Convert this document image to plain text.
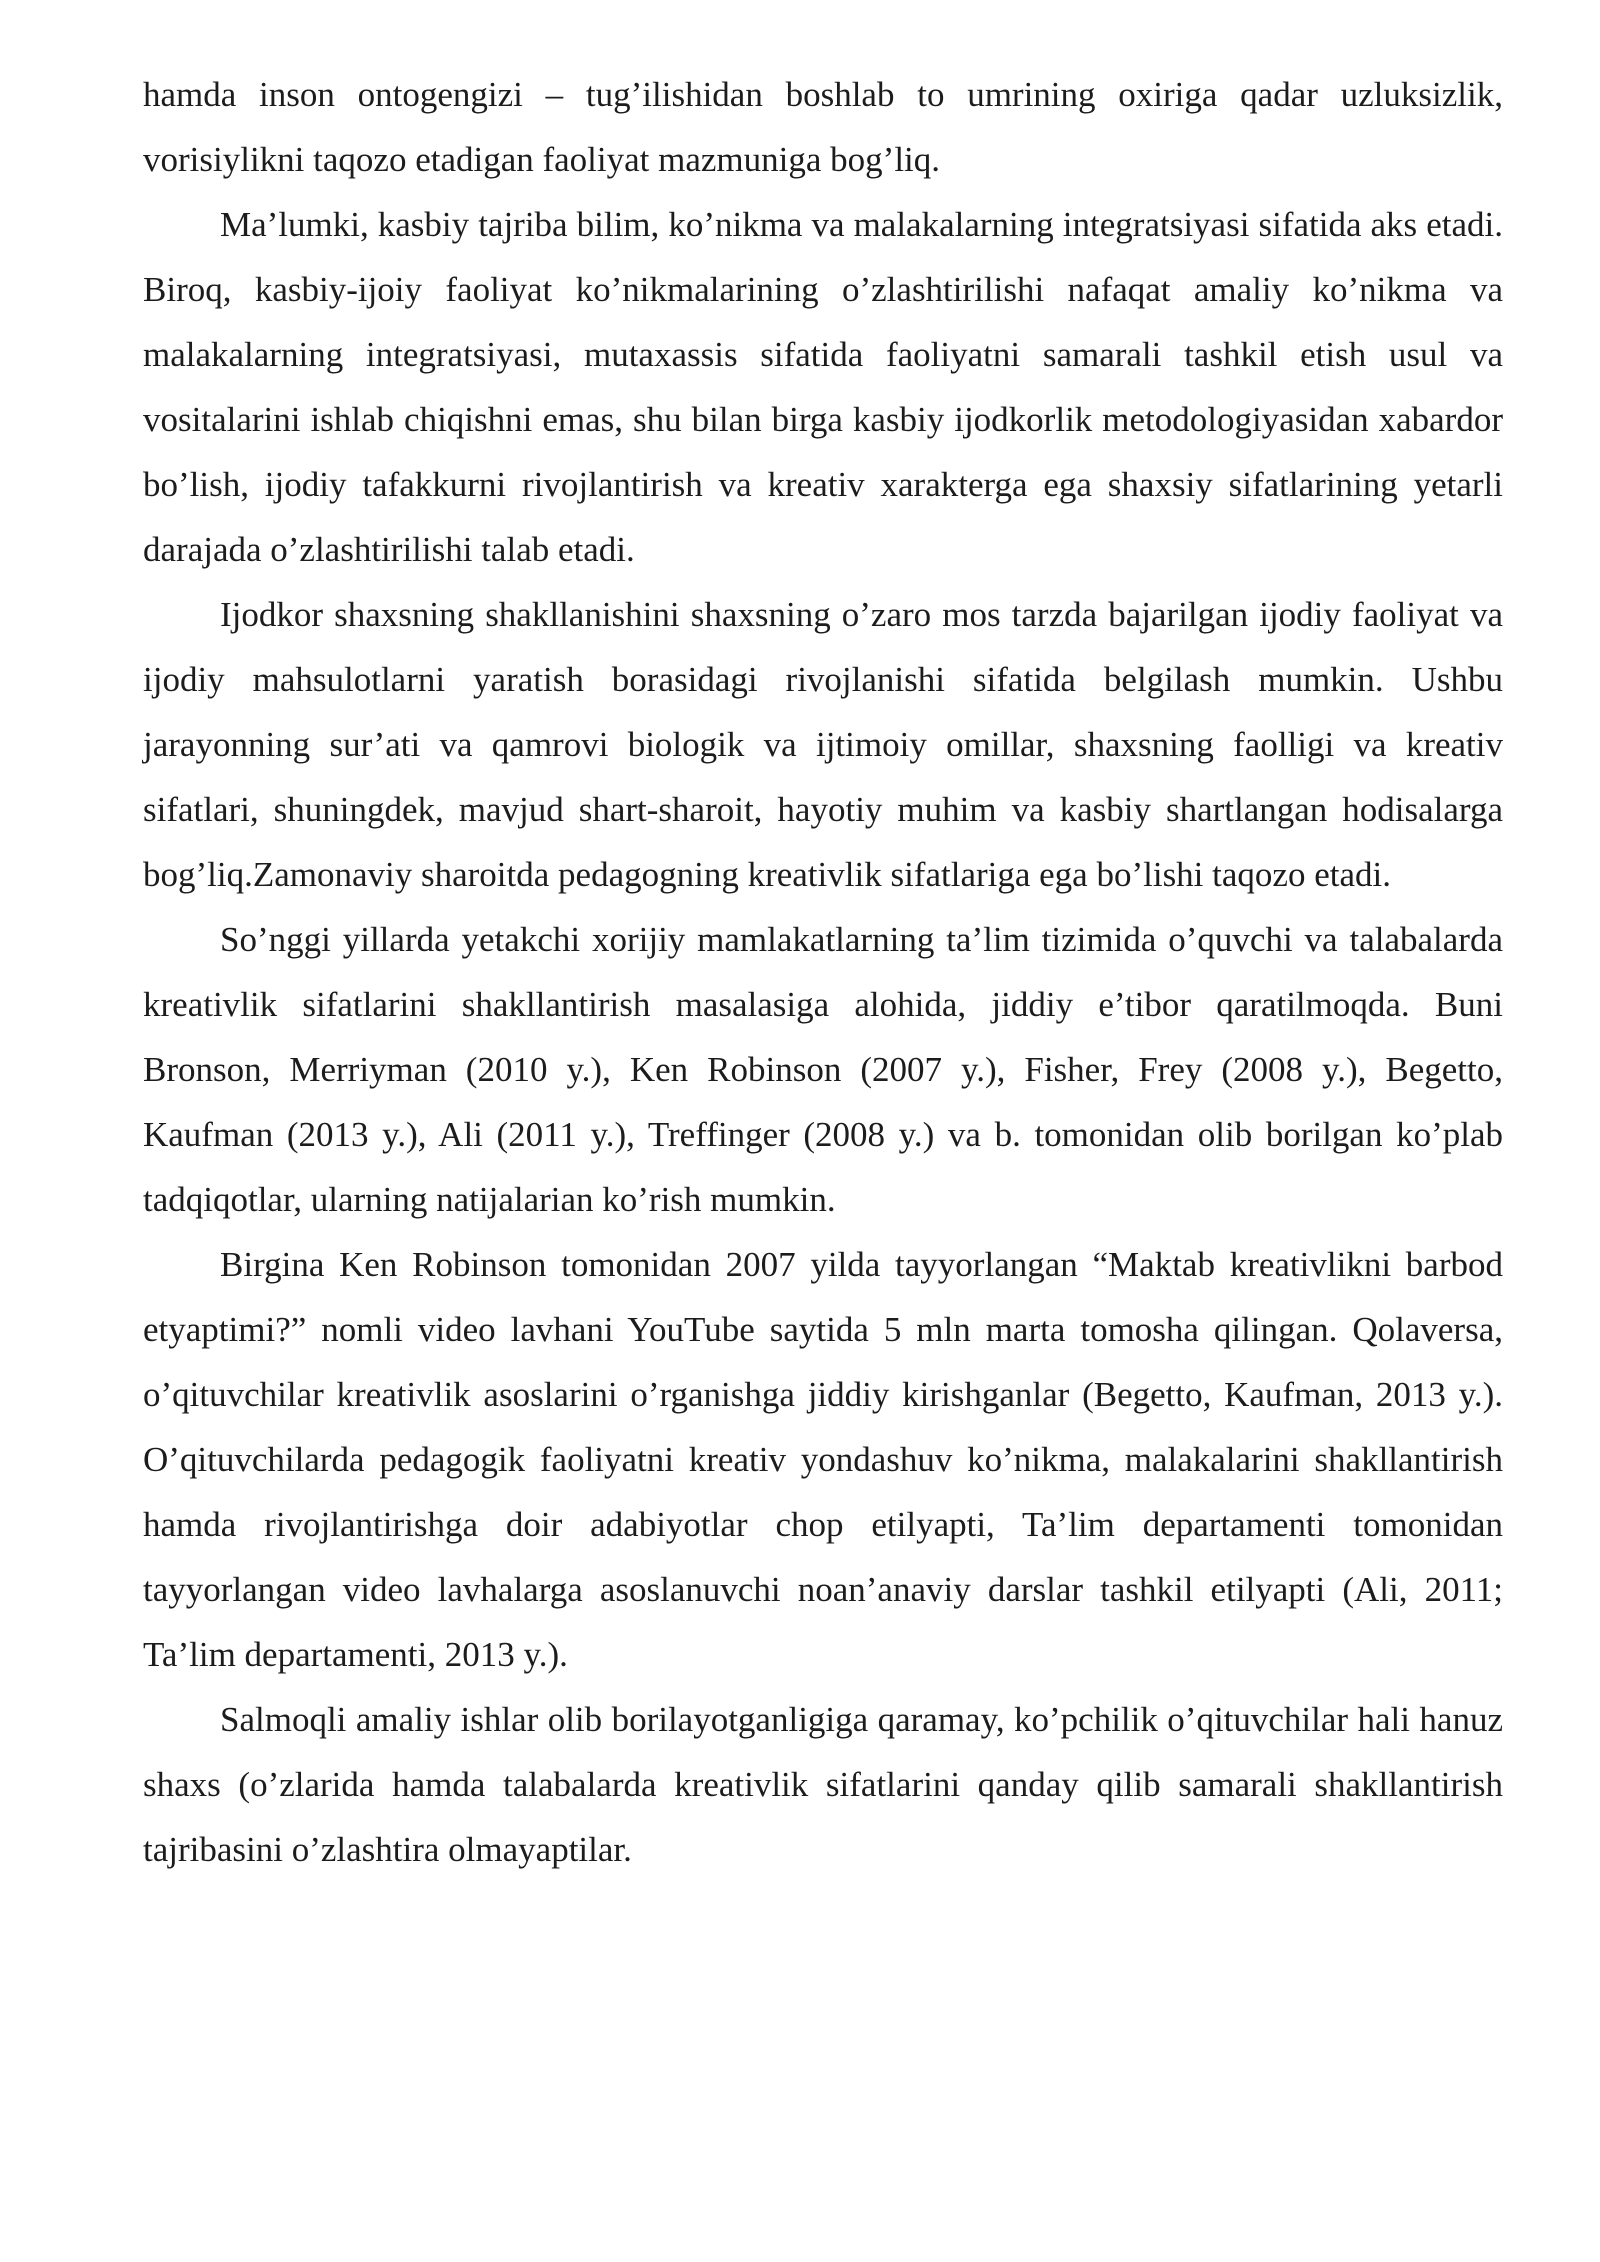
hamda inson ontogengizi – tug’ilishidan boshlab to umrining oxiriga qadar uzluksizlik, vorisiylikni taqozo etadigan faoliyat mazmuniga bog’liq.

Ma’lumki, kasbiy tajriba bilim, ko’nikma va malakalarning integratsiyasi sifatida aks etadi. Biroq, kasbiy-ijoiy faoliyat ko’nikmalarining o’zlashtirilishi nafaqat amaliy ko’nikma va malakalarning integratsiyasi, mutaxassis sifatida faoliyatni samarali tashkil etish usul va vositalarini ishlab chiqishni emas, shu bilan birga kasbiy ijodkorlik metodologiyasidan xabardor bo’lish, ijodiy tafakkurni rivojlantirish va kreativ xarakterga ega shaxsiy sifatlarining yetarli darajada o’zlashtirilishi talab etadi.

Ijodkor shaxsning shakllanishini shaxsning o’zaro mos tarzda bajarilgan ijodiy faoliyat va ijodiy mahsulotlarni yaratish borasidagi rivojlanishi sifatida belgilash mumkin. Ushbu jarayonning sur’ati va qamrovi biologik va ijtimoiy omillar, shaxsning faolligi va kreativ sifatlari, shuningdek, mavjud shart-sharoit, hayotiy muhim va kasbiy shartlangan hodisalarga bog’liq.Zamonaviy sharoitda pedagogning kreativlik sifatlariga ega bo’lishi taqozo etadi.

So’nggi yillarda yetakchi xorijiy mamlakatlarning ta’lim tizimida o’quvchi va talabalarda kreativlik sifatlarini shakllantirish masalasiga alohida, jiddiy e’tibor qaratilmoqda. Buni Bronson, Merriyman (2010 y.), Ken Robinson (2007 y.), Fisher, Frey (2008 y.), Begetto, Kaufman (2013 y.), Ali (2011 y.), Treffinger (2008 y.) va b. tomonidan olib borilgan ko’plab tadqiqotlar, ularning natijalarian ko’rish mumkin.

Birgina Ken Robinson tomonidan 2007 yilda tayyorlangan “Maktab kreativlikni barbod etyaptimi?” nomli video lavhani YouTube saytida 5 mln marta tomosha qilingan. Qolaversa, o’qituvchilar kreativlik asoslarini o’rganishga jiddiy kirishganlar (Begetto, Kaufman, 2013 y.). O’qituvchilarda pedagogik faoliyatni kreativ yondashuv ko’nikma, malakalarini shakllantirish hamda rivojlantirishga doir adabiyotlar chop etilyapti, Ta’lim departamenti tomonidan tayyorlangan video lavhalarga asoslanuvchi noan’anaviy darslar tashkil etilyapti (Ali, 2011; Ta’lim departamenti, 2013 y.).

Salmoqli amaliy ishlar olib borilayotganligiga qaramay, ko’pchilik o’qituvchilar hali hanuz shaxs (o’zlarida hamda talabalarda kreativlik sifatlarini qanday qilib samarali shakllantirish tajribasini o’zlashtira olmayaptilar.
